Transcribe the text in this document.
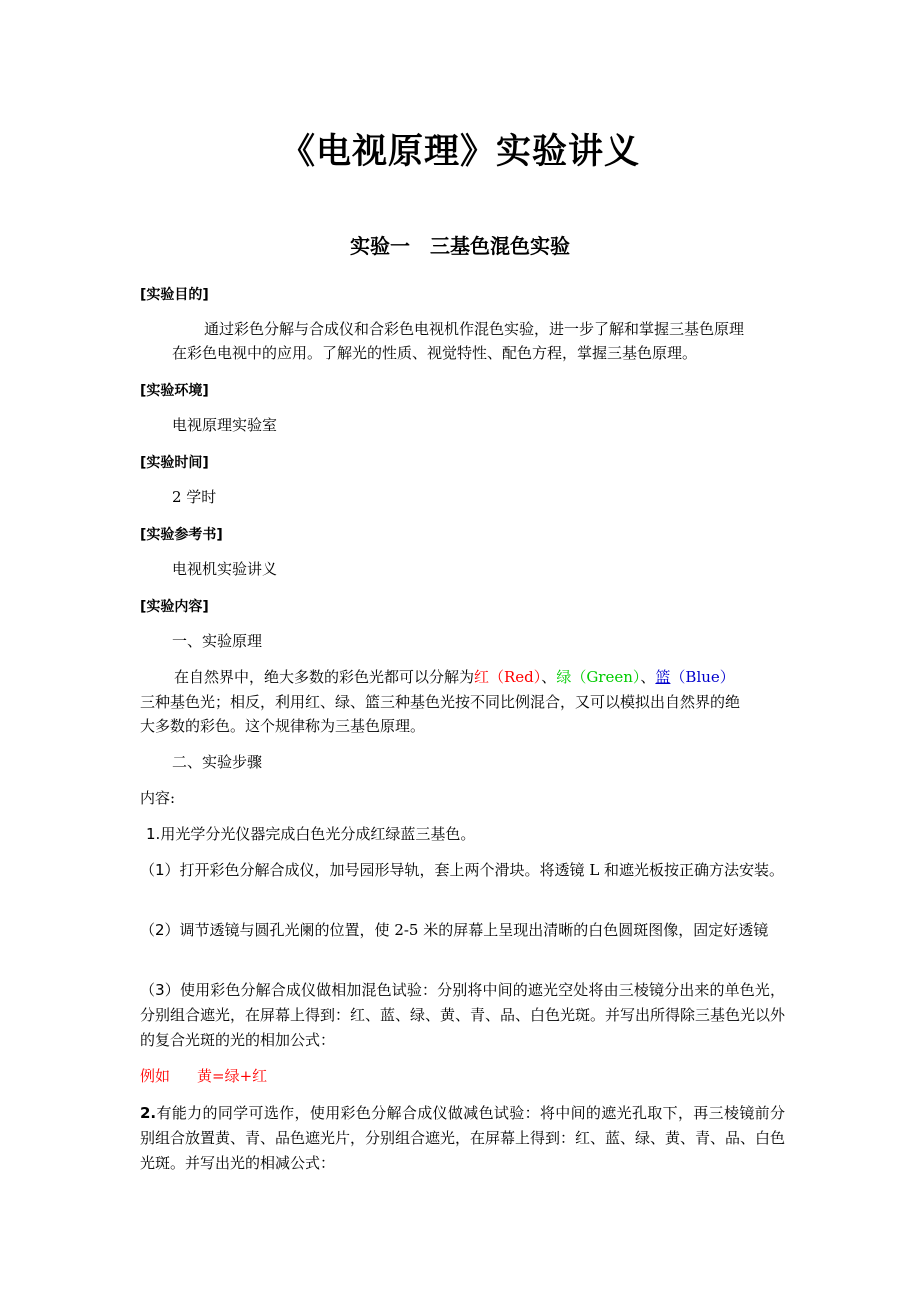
《电视原理》实验讲义
实验一　三基色混色实验
[实验目的]
通过彩色分解与合成仪和合彩色电视机作混色实验，进一步了解和掌握三基色原理
在彩色电视中的应用。了解光的性质、视觉特性、配色方程，掌握三基色原理。
[实验环境]
电视原理实验室
[实验时间]
2 学时
[实验参考书]
电视机实验讲义
[实验内容]
一、实验原理
在自然界中，绝大多数的彩色光都可以分解为红（Red）、绿（Green）、篮（Blue）
三种基色光；相反，利用红、绿、篮三种基色光按不同比例混合，又可以模拟出自然界的绝
大多数的彩色。这个规律称为三基色原理。
二、实验步骤
内容:
1.用光学分光仪器完成白色光分成红绿蓝三基色。
（1）打开彩色分解合成仪，加号园形导轨，套上两个滑块。将透镜 L 和遮光板按正确方法安装。
（2）调节透镜与圆孔光阑的位置，使 2-5 米的屏幕上呈现出清晰的白色圆斑图像，固定好透镜
（3）使用彩色分解合成仪做相加混色试验：分别将中间的遮光空处将由三棱镜分出来的单色光，分别组合遮光，在屏幕上得到：红、蓝、绿、黄、青、品、白色光斑。并写出所得除三基色光以外的复合光斑的光的相加公式：
例如 黄=绿+红
2.有能力的同学可选作，使用彩色分解合成仪做减色试验：将中间的遮光孔取下，再三棱镜前分别组合放置黄、青、品色遮光片，分别组合遮光，在屏幕上得到：红、蓝、绿、黄、青、品、白色光斑。并写出光的相减公式：
